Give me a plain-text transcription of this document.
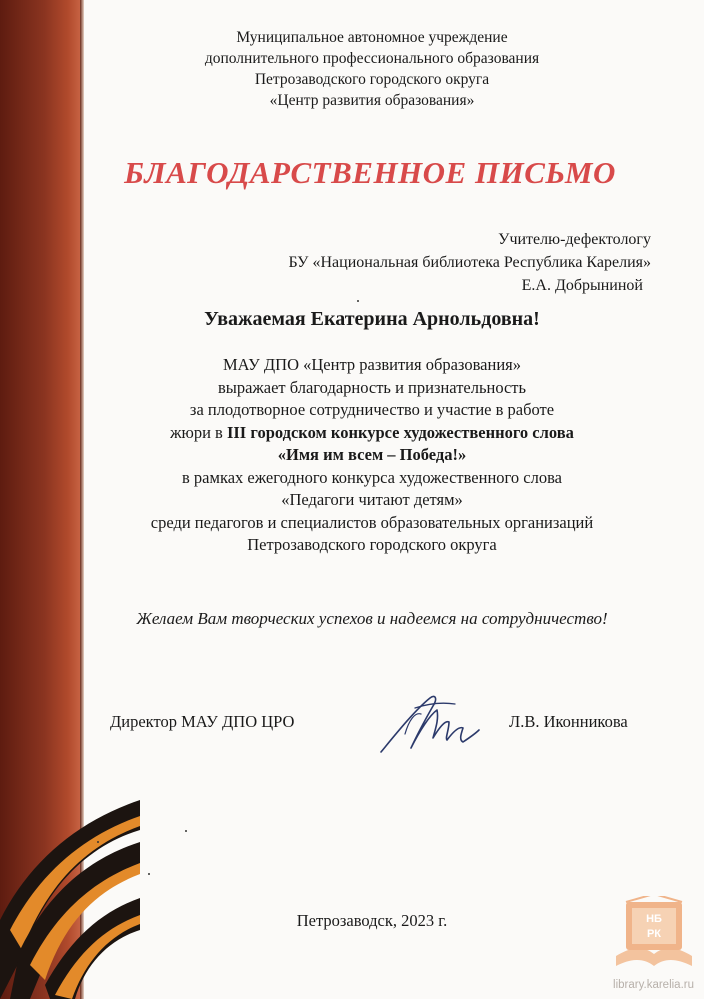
Муниципальное автономное учреждение
дополнительного профессионального образования
Петрозаводского городского округа
«Центр развития образования»
БЛАГОДАРСТВЕННОЕ ПИСЬМО
Учителю-дефектологу
БУ «Национальная библиотека Республика Карелия»
Е.А. Добрыниной
Уважаемая Екатерина Арнольдовна!
МАУ ДПО «Центр развития образования»
выражает благодарность и признательность
за плодотворное сотрудничество и участие в работе
жюри в III городском конкурсе художественного слова
«Имя им всем – Победа!»
в рамках ежегодного конкурса художественного слова
«Педагоги читают детям»
среди педагогов и специалистов образовательных организаций
Петрозаводского городского округа
Желаем Вам творческих успехов и надеемся на сотрудничество!
Директор МАУ ДПО ЦРО	Л.В. Иконникова
Петрозаводск, 2023 г.	НБ
РК
library.karelia.ru
